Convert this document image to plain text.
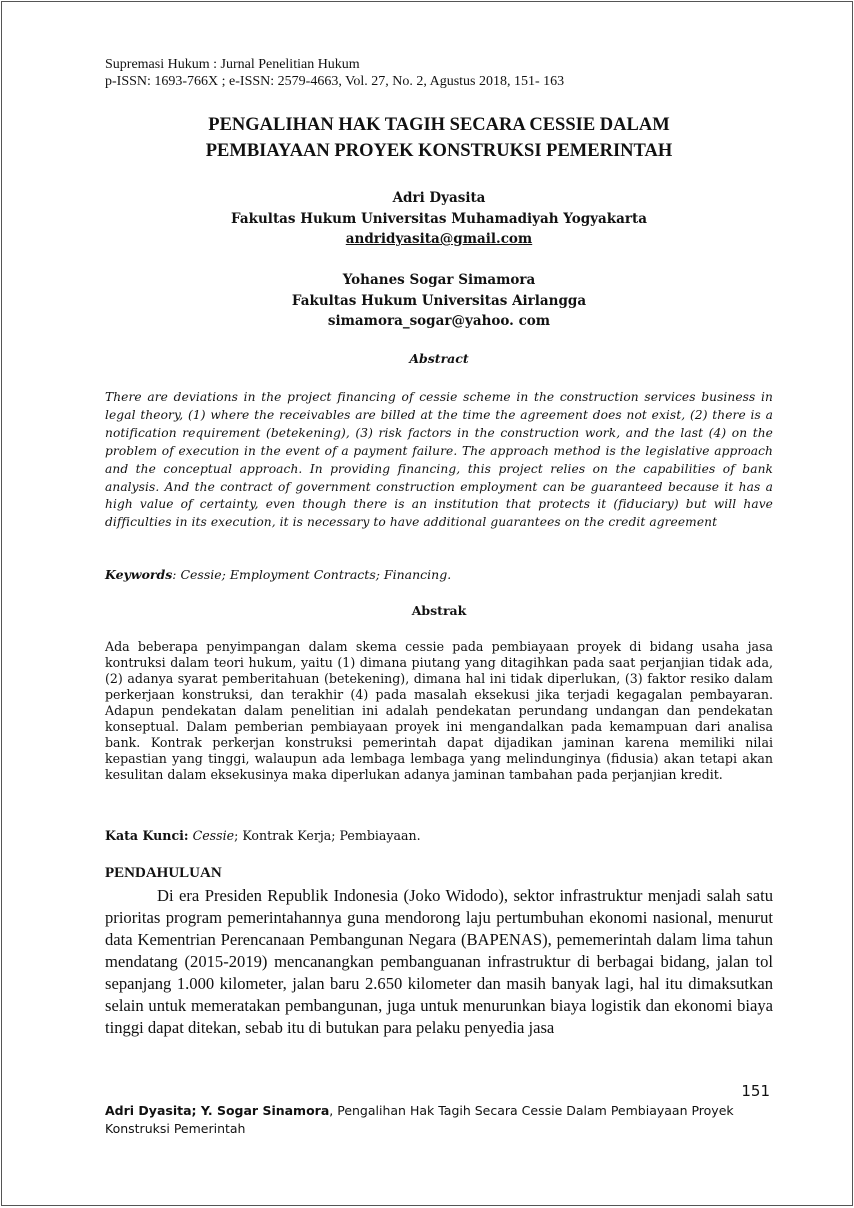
Supremasi Hukum : Jurnal Penelitian Hukum
p-ISSN: 1693-766X ; e-ISSN: 2579-4663, Vol. 27, No. 2, Agustus 2018, 151- 163
PENGALIHAN HAK TAGIH SECARA CESSIE DALAM
PEMBIAYAAN PROYEK KONSTRUKSI PEMERINTAH
Adri Dyasita
Fakultas Hukum Universitas Muhamadiyah Yogyakarta
andridyasita@gmail.com
Yohanes Sogar Simamora
Fakultas Hukum Universitas Airlangga
simamora_sogar@yahoo. com
Abstract
There are deviations in the project financing of cessie scheme in the construction services business in legal theory, (1) where the receivables are billed at the time the agreement does not exist, (2) there is a notification requirement (betekening), (3) risk factors in the construction work, and the last (4) on the problem of execution in the event of a payment failure. The approach method is the legislative approach and the conceptual approach. In providing financing, this project relies on the capabilities of bank analysis. And the contract of government construction employment can be guaranteed because it has a high value of certainty, even though there is an institution that protects it (fiduciary) but will have difficulties in its execution, it is necessary to have additional guarantees on the credit agreement
Keywords: Cessie; Employment Contracts; Financing.
Abstrak
Ada beberapa penyimpangan dalam skema cessie pada pembiayaan proyek di bidang usaha jasa kontruksi dalam teori hukum, yaitu (1) dimana piutang yang ditagihkan pada saat perjanjian tidak ada, (2) adanya syarat pemberitahuan (betekening), dimana hal ini tidak diperlukan, (3) faktor resiko dalam perkerjaan konstruksi, dan terakhir (4) pada masalah eksekusi jika terjadi kegagalan pembayaran. Adapun pendekatan dalam penelitian ini adalah pendekatan perundang undangan dan pendekatan konseptual. Dalam pemberian pembiayaan proyek ini mengandalkan pada kemampuan dari analisa bank. Kontrak perkerjan konstruksi pemerintah dapat dijadikan jaminan karena memiliki nilai kepastian yang tinggi, walaupun ada lembaga lembaga yang melindunginya (fidusia) akan tetapi akan kesulitan dalam eksekusinya maka diperlukan adanya jaminan tambahan pada perjanjian kredit.
Kata Kunci: Cessie; Kontrak Kerja; Pembiayaan.
PENDAHULUAN
Di era Presiden Republik Indonesia (Joko Widodo), sektor infrastruktur menjadi salah satu prioritas program pemerintahannya guna mendorong laju pertumbuhan ekonomi nasional, menurut data Kementrian Perencanaan Pembangunan Negara (BAPENAS), pememerintah dalam lima tahun mendatang (2015-2019) mencanangkan pembanguanan infrastruktur di berbagai bidang, jalan tol sepanjang 1.000 kilometer, jalan baru 2.650 kilometer dan masih banyak lagi, hal itu dimaksutkan selain untuk memeratakan pembangunan, juga untuk menurunkan biaya logistik dan ekonomi biaya tinggi dapat ditekan, sebab itu di butukan para pelaku penyedia jasa
151
Adri Dyasita; Y. Sogar Sinamora, Pengalihan Hak Tagih Secara Cessie Dalam Pembiayaan Proyek Konstruksi Pemerintah
